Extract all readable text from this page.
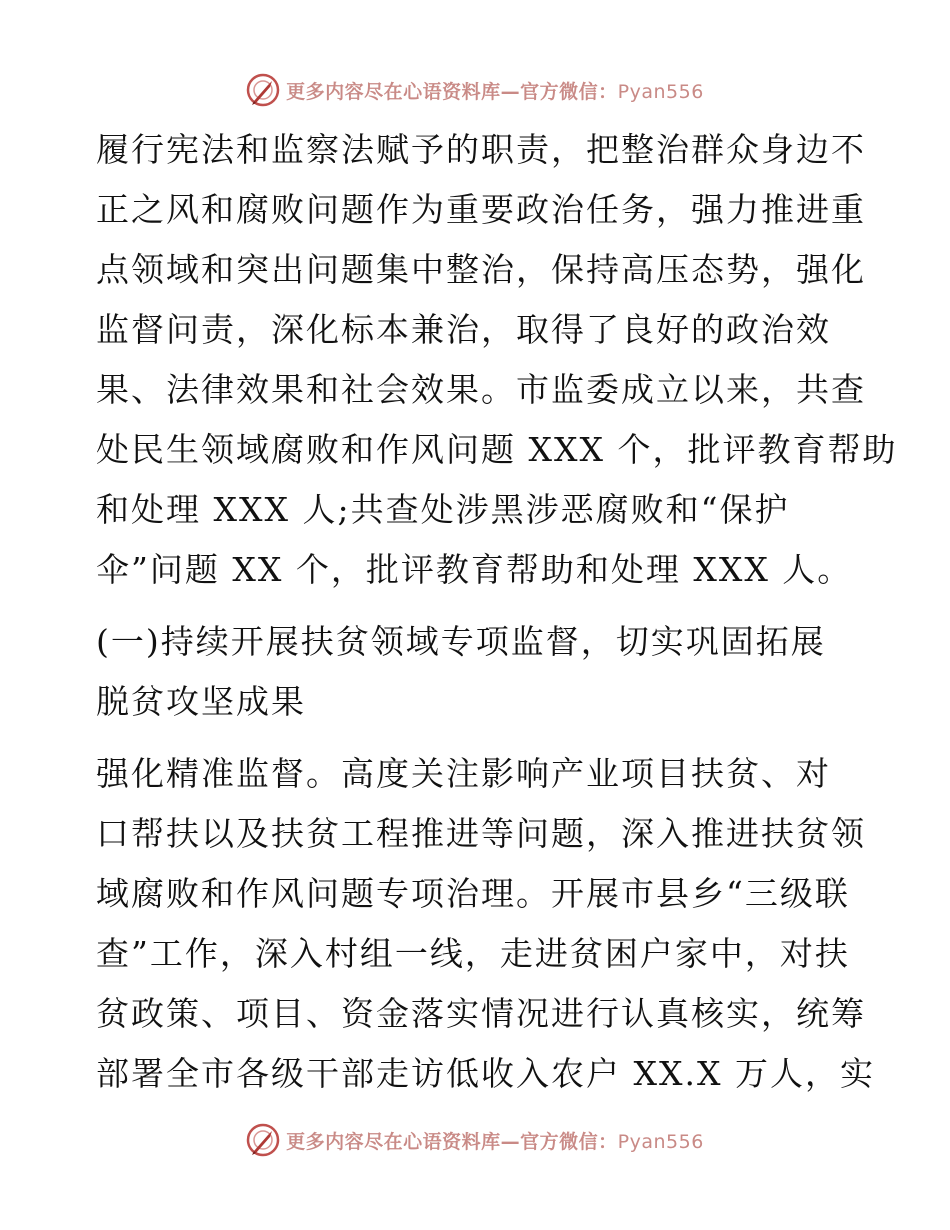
更多内容尽在心语资料库—官方微信：Pyan556
履行宪法和监察法赋予的职责，把整治群众身边不
正之风和腐败问题作为重要政治任务，强力推进重
点领域和突出问题集中整治，保持高压态势，强化
监督问责，深化标本兼治，取得了良好的政治效
果、法律效果和社会效果。市监委成立以来，共查
处民生领域腐败和作风问题 XXX 个，批评教育帮助
和处理 XXX 人;共查处涉黑涉恶腐败和“保护
伞”问题 XX 个，批评教育帮助和处理 XXX 人。
(一)持续开展扶贫领域专项监督，切实巩固拓展
脱贫攻坚成果
强化精准监督。高度关注影响产业项目扶贫、对
口帮扶以及扶贫工程推进等问题，深入推进扶贫领
域腐败和作风问题专项治理。开展市县乡“三级联
查”工作，深入村组一线，走进贫困户家中，对扶
贫政策、项目、资金落实情况进行认真核实，统筹
部署全市各级干部走访低收入农户 XX.X 万人，实
更多内容尽在心语资料库—官方微信：Pyan556
